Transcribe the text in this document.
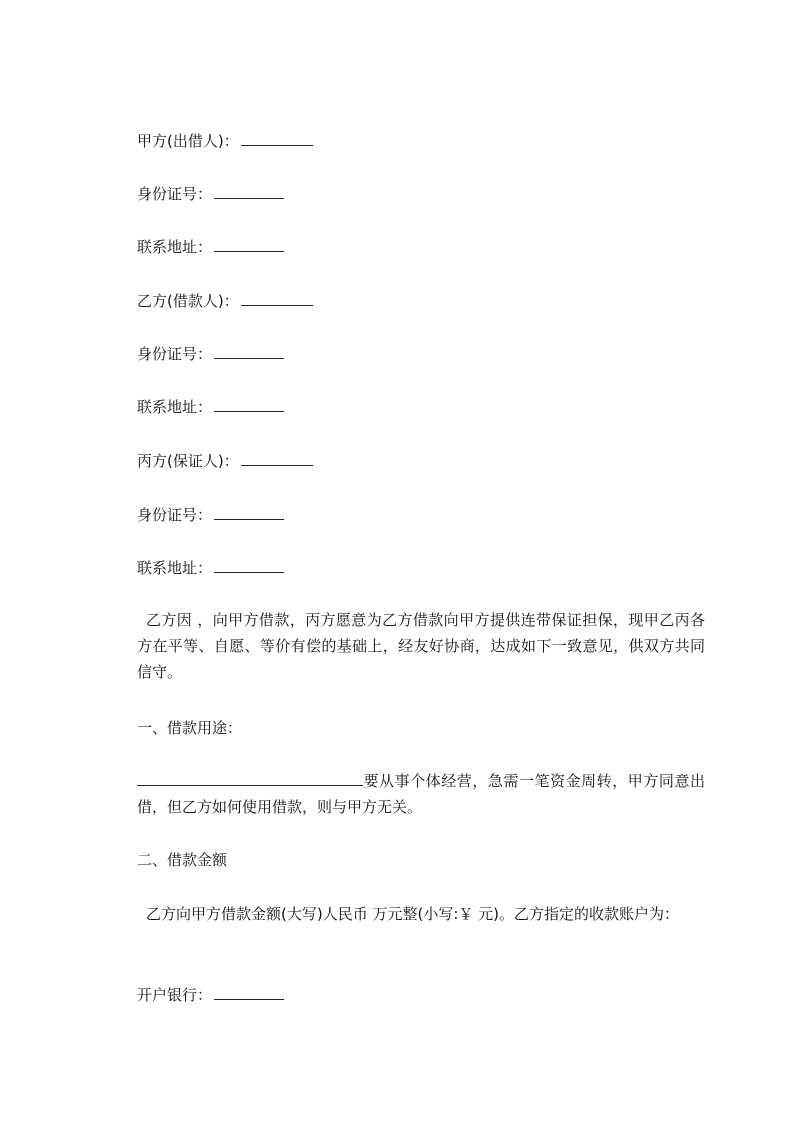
甲方(出借人)：
身份证号：
联系地址：
乙方(借款人)：
身份证号：
联系地址：
丙方(保证人)：
身份证号：
联系地址：
乙方因 ，向甲方借款，丙方愿意为乙方借款向甲方提供连带保证担保，现甲乙丙各方在平等、自愿、等价有偿的基础上，经友好协商，达成如下一致意见，供双方共同信守。
一、借款用途：
要从事个体经营，急需一笔资金周转，甲方同意出借，但乙方如何使用借款，则与甲方无关。
二、借款金额
乙方向甲方借款金额(大写)人民币 万元整(小写:￥ 元)。乙方指定的收款账户为：
开户银行：
